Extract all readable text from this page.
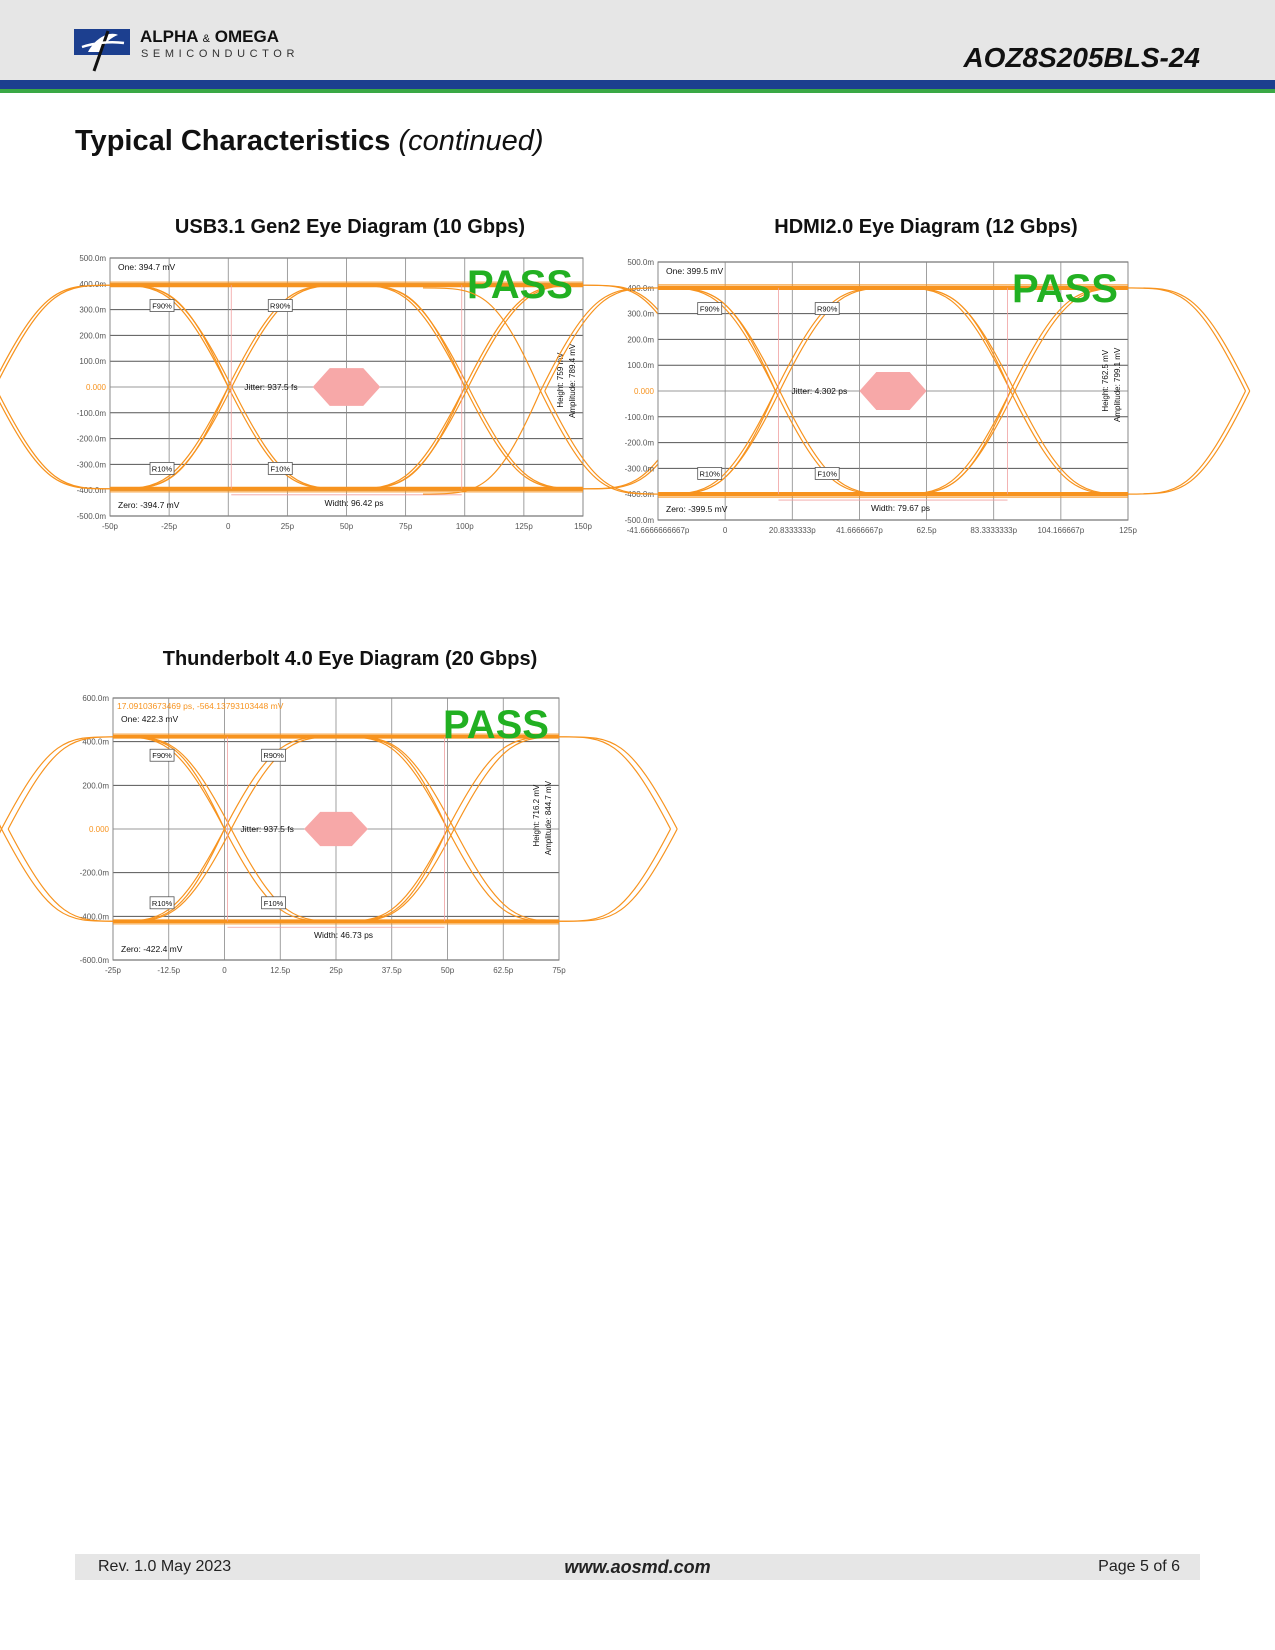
ALPHA & OMEGA
SEMICONDUCTOR	AOZ8S205BLS-24
Typical Characteristics (continued)
USB3.1 Gen2 Eye Diagram (10 Gbps)	HDMI2.0 Eye Diagram (12 Gbps)
Thunderbolt 4.0 Eye Diagram (20 Gbps)
500.0m
400.0m
300.0m
200.0m
100.0m
0.000
-100.0m
-200.0m
-300.0m
-400.0m
-500.0m
-50p	-25p	0	25p	50p	75p	100p	125p	150p
One: 394.7 mV
Zero: -394.7 mV
Jitter: 937.5 fs
Width: 96.42 ps
Height: 759 mV Amplitude: 789.4 mV
F90%	R90%
R10%	F10%
PASS
500.0m
400.0m
300.0m
200.0m
100.0m
0.000
-100.0m
-200.0m
-300.0m
-400.0m
-500.0m
-41.6666666667p	0	20.8333333p	41.6666667p	62.5p	83.3333333p	104.166667p	125p
One: 399.5 mV
Zero: -399.5 mV
Jitter: 4.302 ps
Width: 79.67 ps
Height: 762.5 mV Amplitude: 799.1 mV
F90%	R90%
R10%	F10%
PASS
600.0m
400.0m
200.0m
0.000
-200.0m
-400.0m
-600.0m
-25p	-12.5p	0	12.5p	25p	37.5p	50p	62.5p	75p
17.09103673469 ps, -564.13793103448 mV
One: 422.3 mV
Zero: -422.4 mV
Jitter: 937.5 fs
Width: 46.73 ps
Height: 716.2 mV Amplitude: 844.7 mV
F90%	R90%
R10%	F10%
PASS
Rev. 1.0 May 2023	www.aosmd.com	Page 5 of 6
